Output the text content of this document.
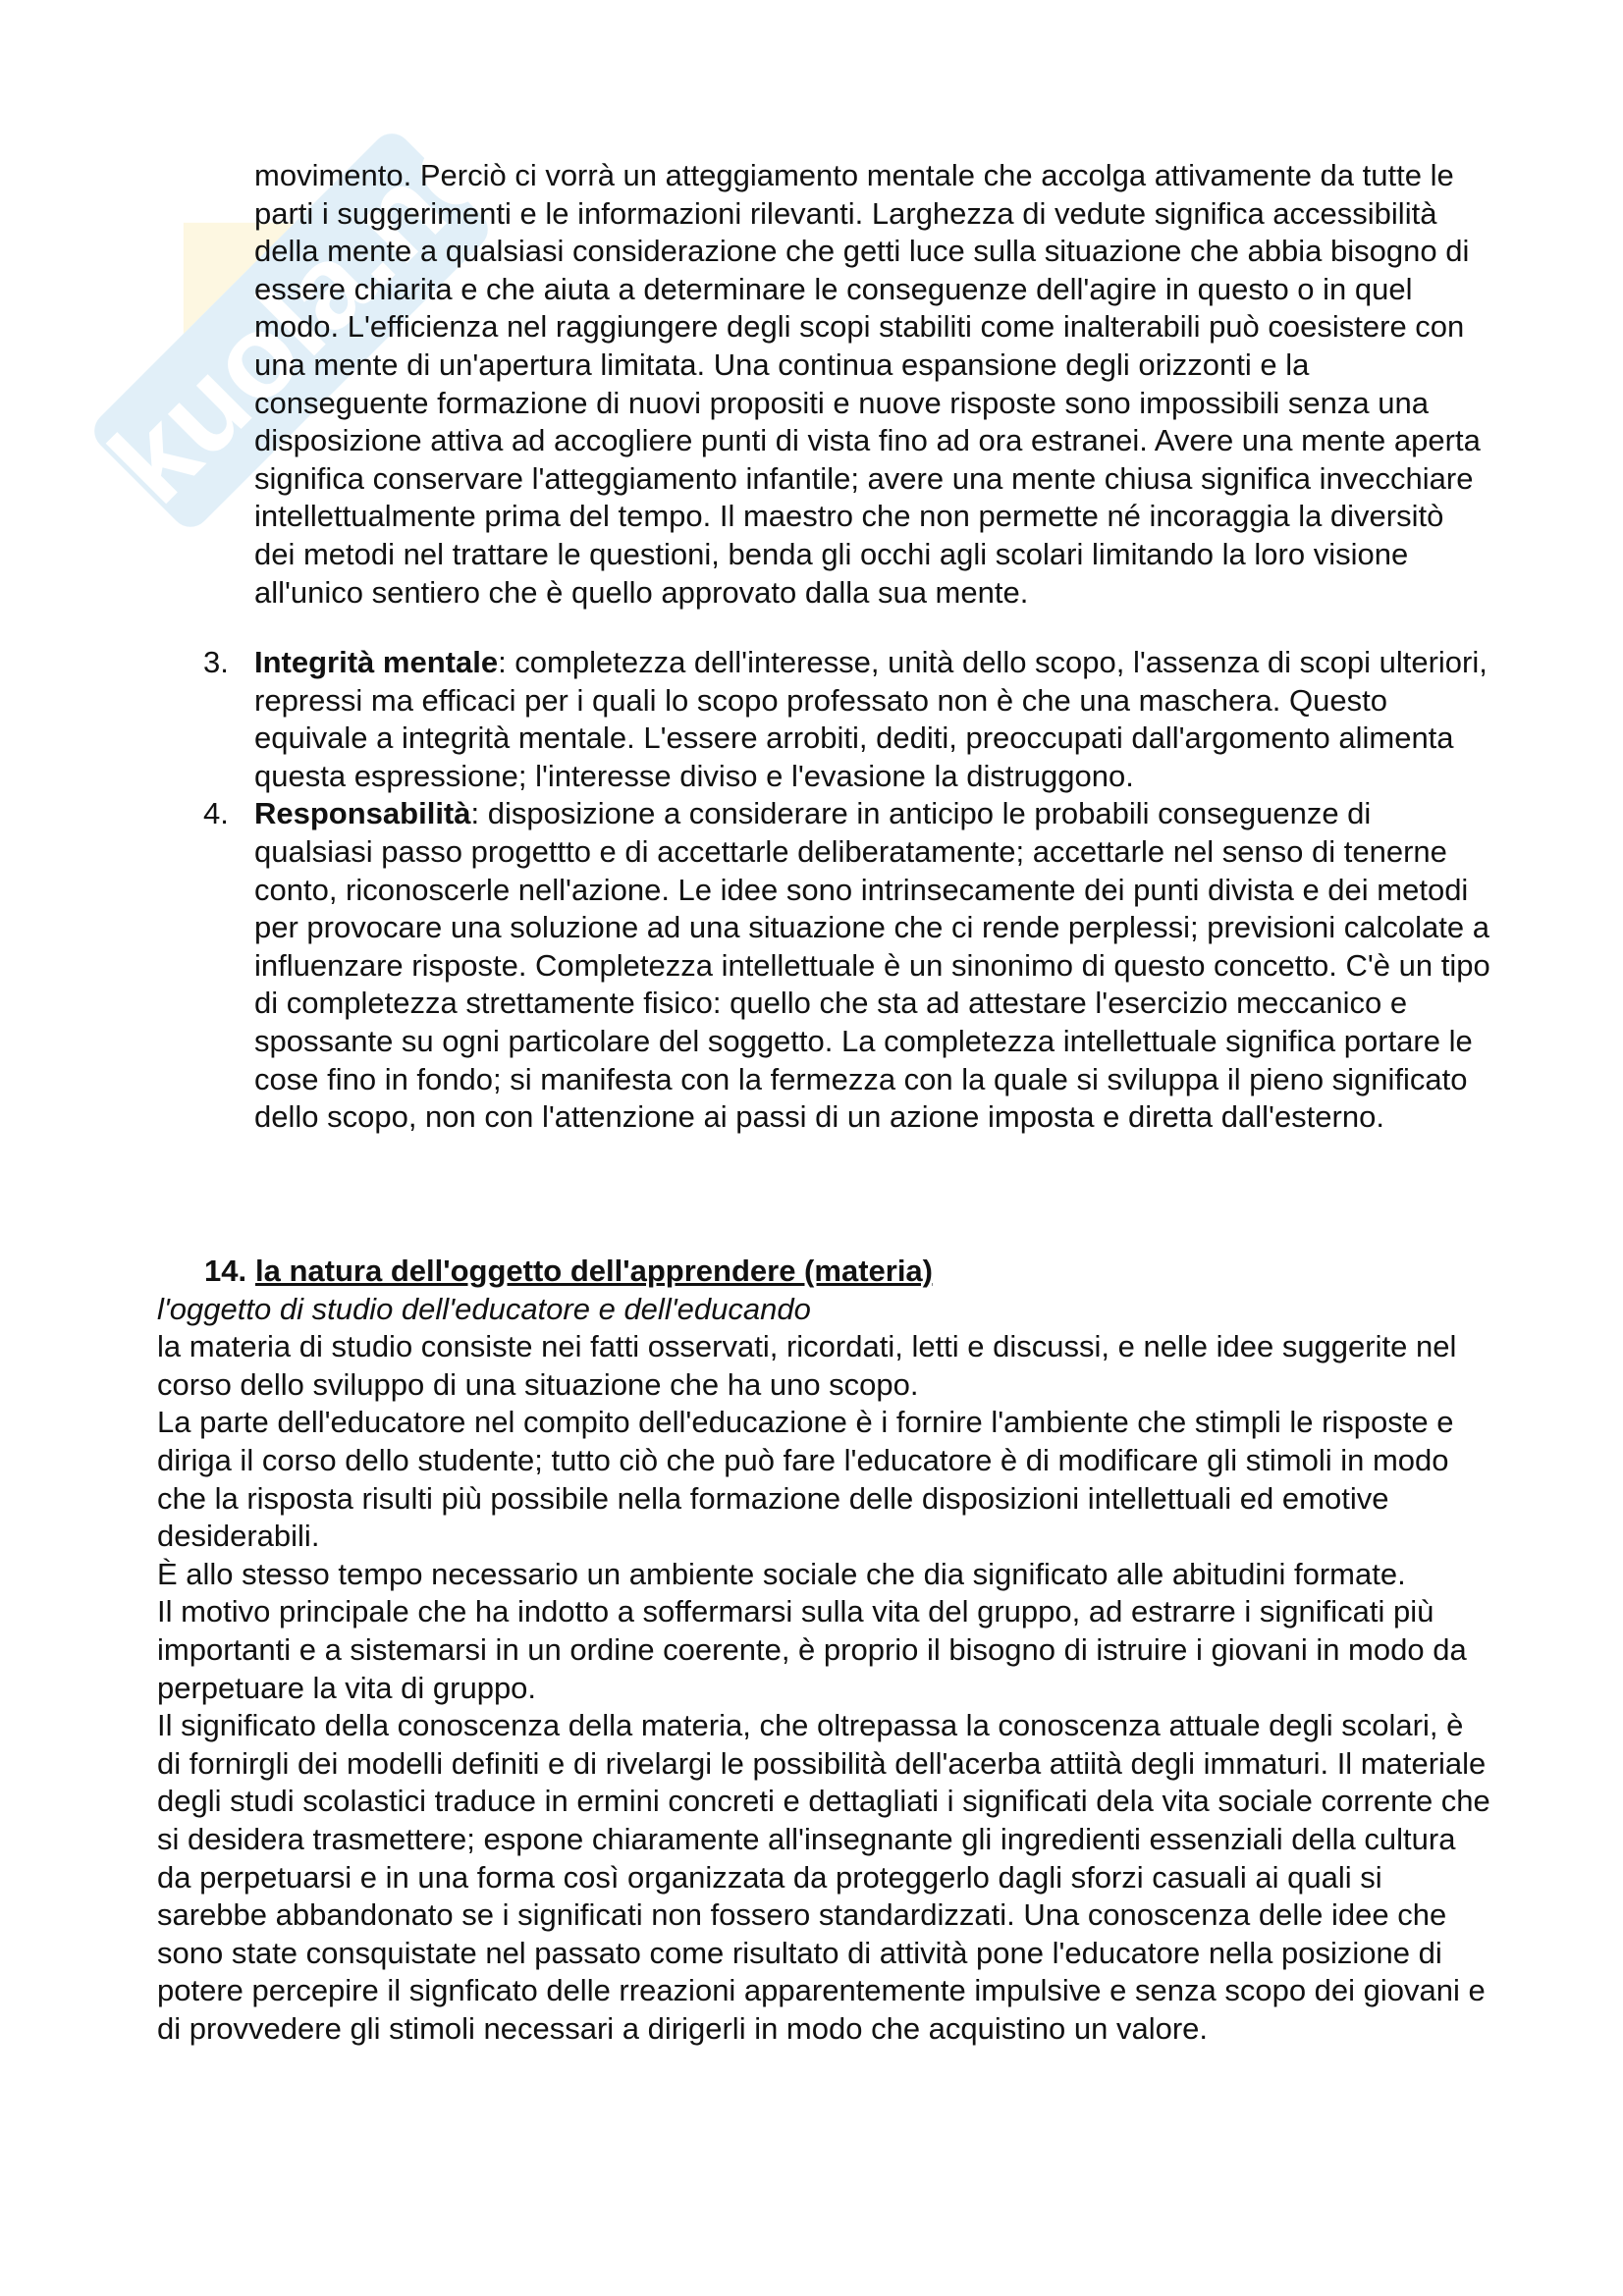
Skuola.net

movimento. Perciò ci vorrà un atteggiamento mentale che accolga attivamente da tutte le parti i suggerimenti e le informazioni rilevanti. Larghezza di vedute significa accessibilità della mente a qualsiasi considerazione che getti luce sulla situazione che abbia bisogno di essere chiarita e che aiuta a determinare le conseguenze dell'agire in questo o in quel modo. L'efficienza nel raggiungere degli scopi stabiliti come inalterabili può coesistere con una mente di un'apertura limitata. Una continua espansione degli orizzonti e la conseguente formazione di nuovi propositi e nuove risposte sono impossibili senza una disposizione attiva ad accogliere punti di vista fino ad ora estranei. Avere una mente aperta significa conservare l'atteggiamento infantile; avere una mente chiusa significa invecchiare intellettualmente prima del tempo. Il maestro che non permette né incoraggia la diversitò dei metodi nel trattare le questioni, benda gli occhi agli scolari limitando la loro visione all'unico sentiero che è quello approvato dalla sua mente.

3. Integrità mentale: completezza dell'interesse, unità dello scopo, l'assenza di scopi ulteriori, repressi ma efficaci per i quali lo scopo professato non è che una maschera. Questo equivale a integrità mentale. L'essere arrobiti, dediti, preoccupati dall'argomento alimenta questa espressione; l'interesse diviso e l'evasione la distruggono.
4. Responsabilità: disposizione a considerare in anticipo le probabili conseguenze di qualsiasi passo progettto e di accettarle deliberatamente; accettarle nel senso di tenerne conto, riconoscerle nell'azione. Le idee sono intrinsecamente dei punti divista e dei metodi per provocare una soluzione ad una situazione che ci rende perplessi; previsioni calcolate a influenzare risposte. Completezza intellettuale è un sinonimo di questo concetto. C'è un tipo di completezza strettamente fisico: quello che sta ad attestare l'esercizio meccanico e spossante su ogni particolare del soggetto. La completezza intellettuale significa portare le cose fino in fondo; si manifesta con la fermezza con la quale si sviluppa il pieno significato dello scopo, non con l'attenzione ai passi di un azione imposta e diretta dall'esterno.

14. la natura dell'oggetto dell'apprendere (materia)

l'oggetto di studio dell'educatore e dell'educando

la materia di studio consiste nei fatti osservati, ricordati, letti e discussi, e nelle idee suggerite nel corso dello sviluppo di una situazione che ha uno scopo.

La parte dell'educatore nel compito dell'educazione è i fornire l'ambiente che stimpli le risposte e diriga il corso dello studente; tutto ciò che può fare l'educatore è di modificare gli stimoli in modo che la risposta risulti più possibile nella formazione delle disposizioni intellettuali ed emotive desiderabili.

È allo stesso tempo necessario un ambiente sociale che dia significato alle abitudini formate.

Il motivo principale che ha indotto a soffermarsi sulla vita del gruppo, ad estrarre i significati più importanti e a sistemarsi in un ordine coerente, è proprio il bisogno di istruire i giovani in modo da perpetuare la vita di gruppo.

Il significato della conoscenza della materia, che oltrepassa la conoscenza attuale degli scolari, è di fornirgli dei modelli definiti e di rivelargi le possibilità dell'acerba attiità degli immaturi. Il materiale degli studi scolastici traduce in ermini concreti e dettagliati i significati dela vita sociale corrente che si desidera trasmettere; espone chiaramente all'insegnante gli ingredienti essenziali della cultura da perpetuarsi e in una forma così organizzata da proteggerlo dagli sforzi casuali ai quali si sarebbe abbandonato se i significati non fossero standardizzati. Una conoscenza delle idee che sono state consquistate nel passato come risultato di attività pone l'educatore nella posizione di potere percepire il signficato delle rreazioni apparentemente impulsive e senza scopo dei giovani e di provvedere gli stimoli necessari a dirigerli in modo che acquistino un valore.
